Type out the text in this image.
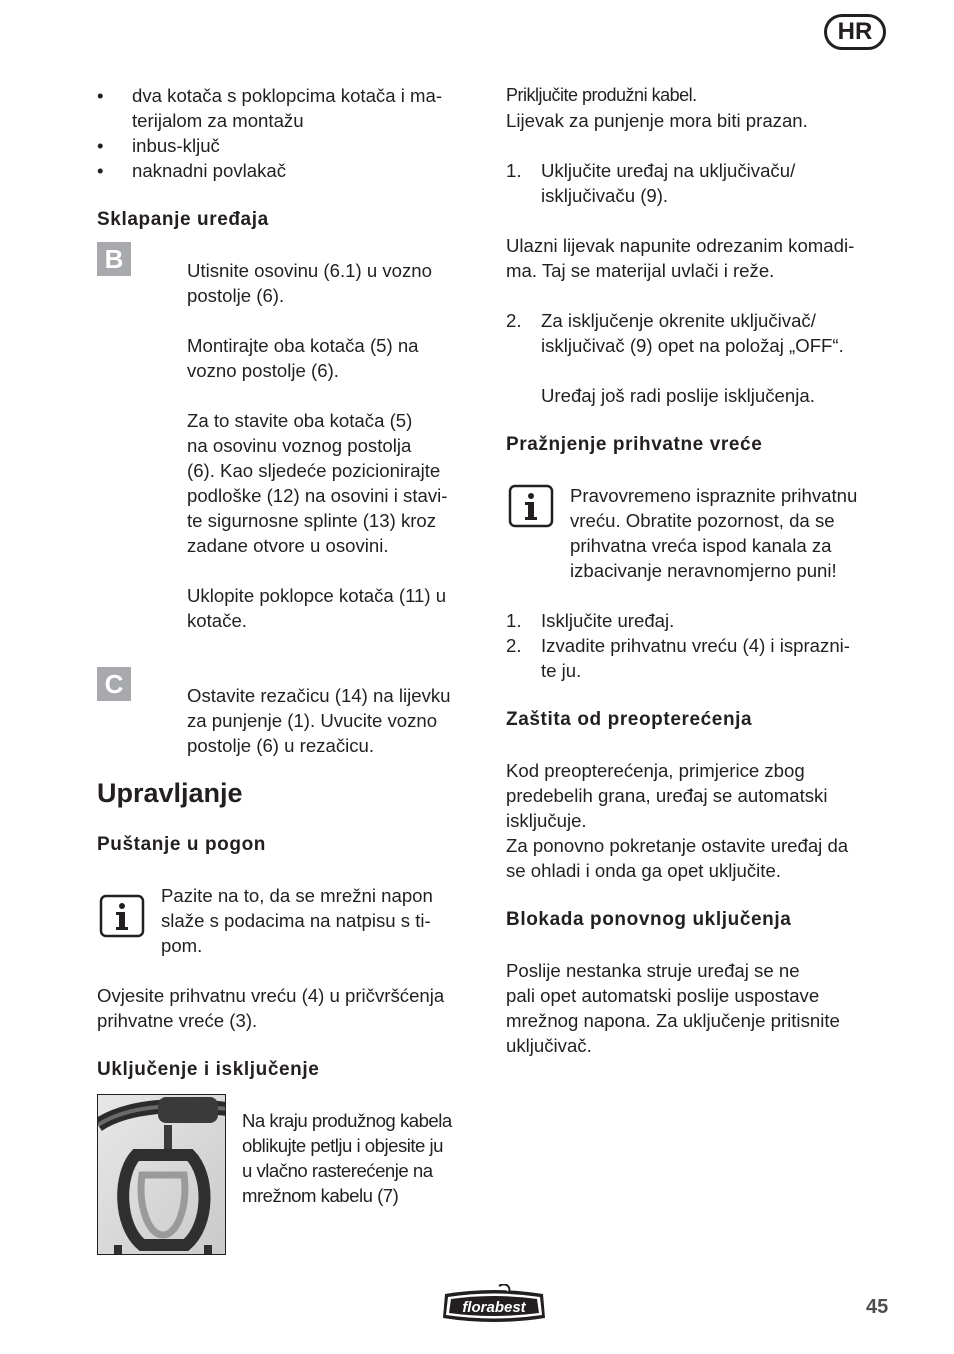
HR
• dva kotača s poklopcima kotača i ma-
terijalom za montažu

• inbus-ključ

• naknadni povlakač

Sklapanje uređaja
B	Utisnite osovinu (6.1) u vozno
postolje (6).

Montirajte oba kotača (5) na
vozno postolje (6).

Za to stavite oba kotača (5)
na osovinu voznog postolja
(6). Kao sljedeće pozicionirajte
podloške (12) na osovini i stavi-
te sigurnosne splinte (13) kroz
zadane otvore u osovini.

Uklopite poklopce kotača (11) u
kotače.

C	Ostavite rezačicu (14) na lijevku
za punjenje (1). Uvucite vozno
postolje (6) u rezačicu.

Upravljanje
Puštanje u pogon

Pazite na to, da se mrežni napon
slaže s podacima na natpisu s ti-
pom.

Ovjesite prihvatnu vreću (4) u pričvršćenja
prihvatne vreće (3).

Uključenje i isključenje

Na kraju produžnog kabela
oblikujte petlju i objesite ju
u vlačno rasterećenje na
mrežnom kabelu (7)

Priključite produžni kabel.

Lijevak za punjenje mora biti prazan.

1. Uključite uređaj na uključivaču/
isključivaču (9).

Ulazni lijevak napunite odrezanim komadi-
ma. Taj se materijal uvlači i reže.

2. Za isključenje okrenite uključivač/
isključivač (9) opet na položaj „OFF“.

Uređaj još radi poslije isključenja.

Pražnjenje prihvatne vreće

Pravovremeno ispraznite prihvatnu
vreću. Obratite pozornost, da se
prihvatna vreća ispod kanala za
izbacivanje neravnomjerno puni!

1. Isključite uređaj.

2. Izvadite prihvatnu vreću (4) i isprazni-
te ju.

Zaštita od preopterećenja

Kod preopterećenja, primjerice zbog
predebelih grana, uređaj se automatski
isključuje.
Za ponovno pokretanje ostavite uređaj da
se ohladi i onda ga opet uključite.

Blokada ponovnog uključenja

Poslije nestanka struje uređaj se ne
pali opet automatski poslije uspostave
mrežnog napona. Za uključenje pritisnite
uključivač.

florabest	45
